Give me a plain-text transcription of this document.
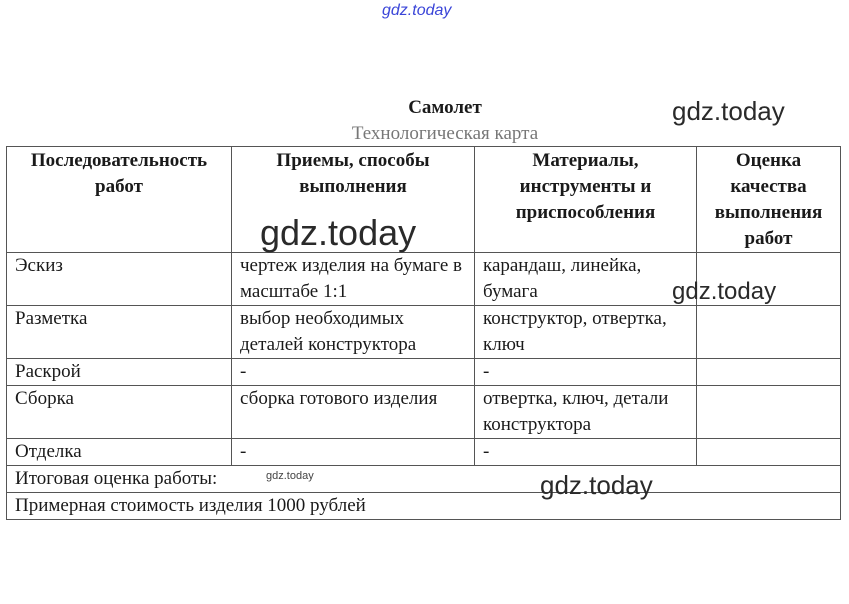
gdz.today
Самолет
Технологическая карта
Последовательность работ	Приемы, способы выполнения	Материалы, инструменты и приспособления	Оценка качества выполнения работ
Эскиз	чертеж изделия на бумаге в масштабе 1:1	карандаш, линейка, бумага	
Разметка	выбор необходимых деталей конструктора	конструктор, отвертка, ключ	
Раскрой	-	-	
Сборка	сборка готового изделия	отвертка, ключ, детали конструктора	
Отделка	-	-	
Итоговая оценка работы:			
Примерная стоимость изделия 1000 рублей			
gdz.today
gdz.today
gdz.today
gdz.today	gdz.today
